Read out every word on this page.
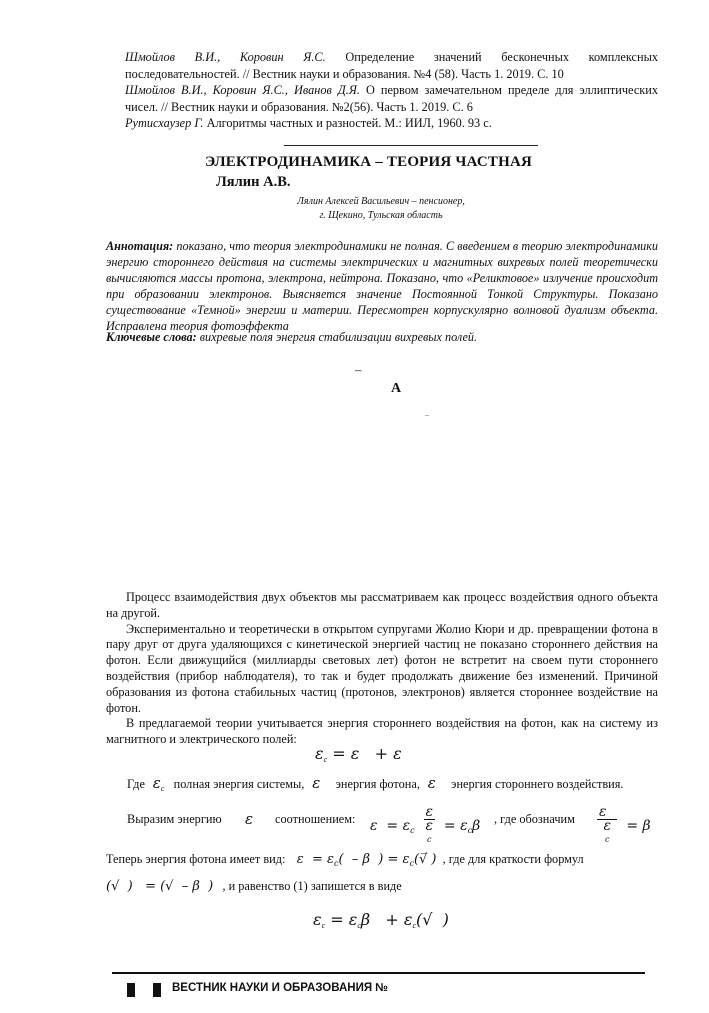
Шмойлов В.И., Коровин Я.С. Определение значений бесконечных комплексных последовательностей. // Вестник науки и образования. №4 (58). Часть 1. 2019. С. 10

Шмойлов В.И., Коровин Я.С., Иванов Д.Я. О первом замечательном пределе для эллиптических чисел. // Вестник науки и образования. №2(56). Часть 1. 2019. С. 6

Рутисхаузер Г. Алгоритмы частных и разностей. М.: ИИЛ, 1960. 93 с.

ЭЛЕКТРОДИНАМИКА – ТЕОРИЯ ЧАСТНАЯ
Лялин А.В.
Лялин Алексей Васильевич – пенсионер,
г. Щекино, Тульская область
Аннотация: показано, что теория электродинамики не полная. С введением в теорию электродинамики энергию стороннего действия на системы электрических и магнитных вихревых полей теоретически вычисляются массы протона, электрона, нейтрона. Показано, что «Реликтовое» излучение происходит при образовании электронов. Выясняется значение Постоянной Тонкой Структуры. Показано существование «Темной» энергии и материи. Пересмотрен корпускулярно волновой дуализм объекта. Исправлена теория фотоэффекта
Ключевые слова: вихревые поля энергия стабилизации вихревых полей.
–
A
–

Процесс взаимодействия двух объектов мы рассматриваем как процесс воздействия одного объекта на другой.

Экспериментально и теоретически в открытом супругами Жолио Кюри и др. превращении фотона в пару друг от друга удаляющихся с кинетической энергией частиц не показано стороннего действия на фотон. Если движущийся (миллиарды световых лет) фотон не встретит на своем пути стороннего воздействия (прибор наблюдателя), то так и будет продолжать движение без изменений. Причиной образования из фотона стабильных частиц (протонов, электронов) является стороннее воздействие на фотон.

В предлагаемой теории учитывается энергия стороннего воздействия на фотон, как на систему из магнитного и электрического полей:

$\varepsilon_c = \varepsilon + \varepsilon$
Где  $\varepsilon_c$ полная энергия системы,  ε энергия фотона,  ε энергия стороннего воздействия.
Выразим энергию ε соотношением: $\varepsilon = \varepsilon_c$ ε
ε
$c = \varepsilon_c\beta$ , где обозначим ε
ε
c = β
Теперь энергия фотона имеет вид:   $\varepsilon = \varepsilon_c( - \beta$  ) = $\varepsilon_c(√̅$ ) , где для краткости формул
(√  )   = (√  – β  ) , и равенство (1) запишется в виде
$\varepsilon_c = \varepsilon_c\beta + \varepsilon_c(√$  )
ВЕСТНИК НАУКИ И ОБРАЗОВАНИЯ №
